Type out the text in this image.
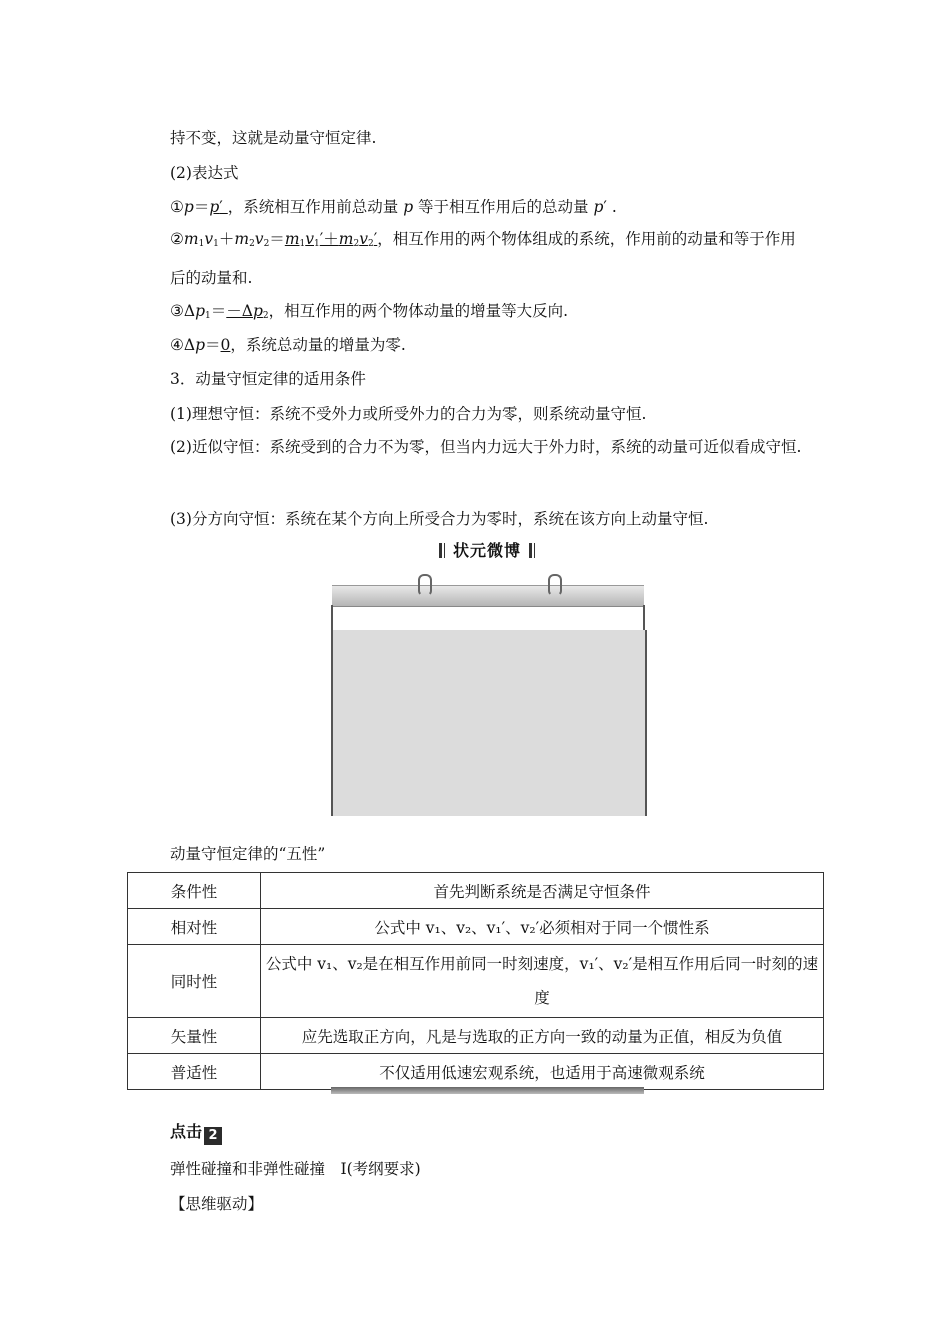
持不变，这就是动量守恒定律.
(2)表达式
①p＝p′ ，系统相互作用前总动量 p 等于相互作用后的总动量 p′ .
$②m_1v_1+m_2v_2=m_1v_1'+m_2v_2'$，相互作用的两个物体组成的系统，作用前的动量和等于作用后的动量和.
$③\Delta p_1=-\Delta p_2$，相互作用的两个物体动量的增量等大反向.
④Δp＝0，系统总动量的增量为零.
3．动量守恒定律的适用条件
(1)理想守恒：系统不受外力或所受外力的合力为零，则系统动量守恒.
(2)近似守恒：系统受到的合力不为零，但当内力远大于外力时，系统的动量可近似看成守恒.
(3)分方向守恒：系统在某个方向上所受合力为零时，系统在该方向上动量守恒.
状元微博
动量守恒定律的“五性”
条件性	首先判断系统是否满足守恒条件
相对性	公式中 v₁、v₂、v₁′、v₂′必须相对于同一个惯性系
同时性	公式中 v₁、v₂是在相互作用前同一时刻速度，v₁′、v₂′是相互作用后同一时刻的速度
矢量性	应先选取正方向，凡是与选取的正方向一致的动量为正值，相反为负值
普适性	不仅适用低速宏观系统，也适用于高速微观系统
点击 2
弹性碰撞和非弹性碰撞　Ⅰ(考纲要求)
【思维驱动】
